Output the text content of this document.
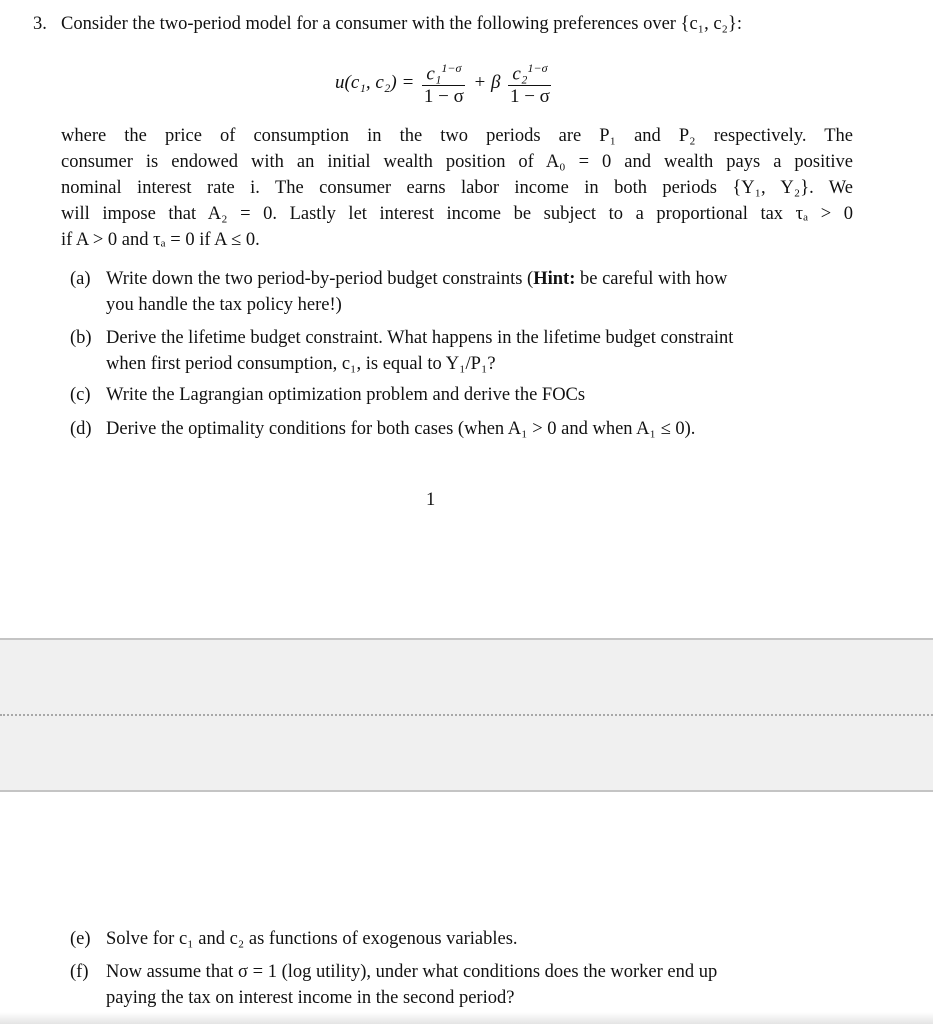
3. Consider the two-period model for a consumer with the following preferences over {c₁, c₂}:
u(c₁, $c_2) = \frac{c_1^{1-\sigma}}{1 - \sigma} + \beta \frac{c_2^{1-\sigma}}{1 - \sigma}$
where the price of consumption in the two periods are P₁ and P₂ respectively. The
consumer is endowed with an initial wealth position of A₀ = 0 and wealth pays a positive
nominal interest rate i. The consumer earns labor income in both periods {Y₁, Y₂}. We
will impose that A₂ = 0. Lastly let interest income be subject to a proportional tax τₐ > 0
if A > 0 and τₐ = 0 if A ≤ 0.
(a) Write down the two period-by-period budget constraints (Hint: be careful with how
you handle the tax policy here!)
(b) Derive the lifetime budget constraint. What happens in the lifetime budget constraint
when first period consumption, c₁, is equal to Y₁/P₁?
(c) Write the Lagrangian optimization problem and derive the FOCs
(d) Derive the optimality conditions for both cases (when A₁ > 0 and when A₁ ≤ 0).
1
(e) Solve for c₁ and c₂ as functions of exogenous variables.
(f) Now assume that σ = 1 (log utility), under what conditions does the worker end up
paying the tax on interest income in the second period?
